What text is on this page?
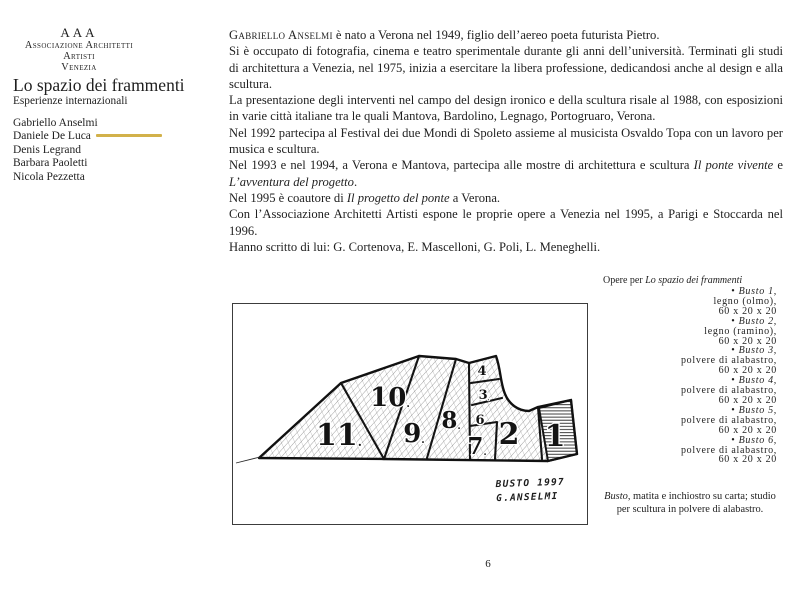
AAA
Associazione Architetti Artisti
Venezia
Lo spazio dei frammenti
Esperienze internazionali
Gabriello Anselmi
Daniele De Luca
Denis Legrand
Barbara Paoletti
Nicola Pezzetta

Gabriello Anselmi è nato a Verona nel 1949, figlio dell’aereo poeta futurista Pietro.

Si è occupato di fotografia, cinema e teatro sperimentale durante gli anni dell’università. Terminati gli studi di architettura a Venezia, nel 1975, inizia a esercitare la libera professione, dedicandosi anche al design e alla scultura.

La presentazione degli interventi nel campo del design ironico e della scultura risale al 1988, con esposizioni in varie città italiane tra le quali Mantova, Bardolino, Legnago, Portogruaro, Verona.

Nel 1992 partecipa al Festival dei due Mondi di Spoleto assieme al musicista Osvaldo Topa con un lavoro per musica e scultura.

Nel 1993 e nel 1994, a Verona e Mantova, partecipa alle mostre di architettura e scultura Il ponte vivente e L’avventura del progetto.

Nel 1995 è coautore di Il progetto del ponte a Verona.

Con l’Associazione Architetti Artisti espone le proprie opere a Venezia nel 1995, a Parigi e Stoccarda nel 1996.

Hanno scritto di lui: G. Cortenova, E. Mascelloni, G. Poli, L. Meneghelli.

11.
10.
9.
8.
7.
6
3.
4
2 1
BUSTO 1997
G.ANSELMI
Opere per Lo spazio dei frammenti
• Busto 1,
legno (olmo),
60 x 20 x 20
• Busto 2,
legno (ramino),
60 x 20 x 20
• Busto 3,
polvere di alabastro,
60 x 20 x 20
• Busto 4,
polvere di alabastro,
60 x 20 x 20
• Busto 5,
polvere di alabastro,
60 x 20 x 20
• Busto 6,
polvere di alabastro,
60 x 20 x 20
Busto, matita e inchiostro su carta; studio per scultura in polvere di alabastro.
6
